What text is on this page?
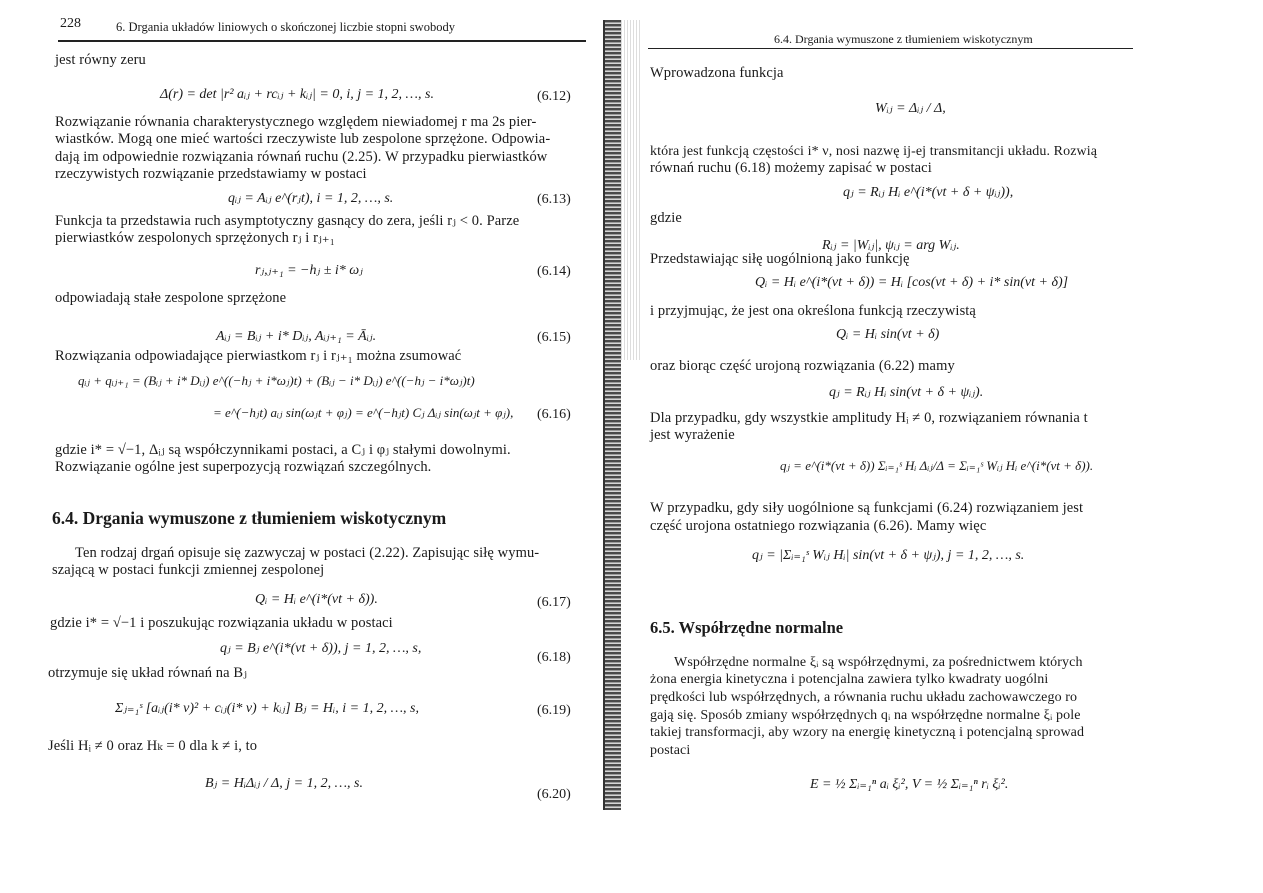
228	6. Drgania układów liniowych o skończonej liczbie stopni swobody
jest równy zeru
Δ(r) = det |r² aᵢⱼ + rcᵢⱼ + kᵢⱼ| = 0, i, j = 1, 2, …, s.	(6.12)
Rozwiązanie równania charakterystycznego względem niewiadomej r ma 2s pier-
wiastków. Mogą one mieć wartości rzeczywiste lub zespolone sprzężone. Odpowia-
dają im odpowiednie rozwiązania równań ruchu (2.25). W przypadku pierwiastków
rzeczywistych rozwiązanie przedstawiamy w postaci
qᵢⱼ = Aᵢⱼ e^(rⱼt), i = 1, 2, …, s.	(6.13)
Funkcja ta przedstawia ruch asymptotyczny gasnący do zera, jeśli rⱼ < 0. Parze
pierwiastków zespolonych sprzężonych rⱼ i rⱼ₊₁
rⱼ,ⱼ₊₁ = −hⱼ ± i* ωⱼ	(6.14)
odpowiadają stałe zespolone sprzężone
Aᵢⱼ = Bᵢⱼ + i* Dᵢⱼ, Aᵢⱼ₊₁ = Āᵢⱼ.	(6.15)
Rozwiązania odpowiadające pierwiastkom rⱼ i rⱼ₊₁ można zsumować
qᵢⱼ + qᵢⱼ₊₁ = (Bᵢⱼ + i* Dᵢⱼ) e^((−hⱼ + i*ωⱼ)t) + (Bᵢⱼ − i* Dᵢⱼ) e^((−hⱼ − i*ωⱼ)t)
= e^(−hⱼt) aᵢⱼ sin(ωⱼt + φⱼ) = e^(−hⱼt) Cⱼ Δᵢⱼ sin(ωⱼt + φⱼ), (6.16)
gdzie i* = √−1, Δᵢⱼ są współczynnikami postaci, a Cⱼ i φⱼ stałymi dowolnymi.
Rozwiązanie ogólne jest superpozycją rozwiązań szczególnych.
6.4. Drgania wymuszone z tłumieniem wiskotycznym
Ten rodzaj drgań opisuje się zazwyczaj w postaci (2.22). Zapisując siłę wymu-
szającą w postaci funkcji zmiennej zespolonej
Qᵢ = Hᵢ e^(i*(νt + δ)).	(6.17)
gdzie i* = √−1 i poszukując rozwiązania układu w postaci
qⱼ = Bⱼ e^(i*(νt + δ)), j = 1, 2, …, s,
(6.18)
otrzymuje się układ równań na Bⱼ
Σⱼ₌₁ˢ [aᵢⱼ(i* ν)² + cᵢⱼ(i* ν) + kᵢⱼ] Bⱼ = Hᵢ, i = 1, 2, …, s,	(6.19)
Jeśli Hᵢ ≠ 0 oraz Hₖ = 0 dla k ≠ i, to
Bⱼ = HᵢΔᵢⱼ / Δ, j = 1, 2, …, s.
(6.20)
6.4. Drgania wymuszone z tłumieniem wiskotycznym
Wprowadzona funkcja
Wᵢⱼ = Δᵢⱼ / Δ,
która jest funkcją częstości i* ν, nosi nazwę ij-ej transmitancji układu. Rozwią
równań ruchu (6.18) możemy zapisać w postaci
qⱼ = Rᵢⱼ Hᵢ e^(i*(νt + δ + ψᵢⱼ)),
gdzie
Rᵢⱼ = |Wᵢⱼ|, ψᵢⱼ = arg Wᵢⱼ.
Przedstawiając siłę uogólnioną jako funkcję
Qᵢ = Hᵢ e^(i*(νt + δ)) = Hᵢ [cos(νt + δ) + i* sin(νt + δ)]
i przyjmując, że jest ona określona funkcją rzeczywistą
Qᵢ = Hᵢ sin(νt + δ)
oraz biorąc część urojoną rozwiązania (6.22) mamy
qⱼ = Rᵢⱼ Hᵢ sin(νt + δ + ψᵢⱼ).
Dla przypadku, gdy wszystkie amplitudy Hᵢ ≠ 0, rozwiązaniem równania t
jest wyrażenie
qⱼ = e^(i*(νt + δ)) Σᵢ₌₁ˢ Hᵢ Δᵢⱼ/Δ = Σᵢ₌₁ˢ Wᵢⱼ Hᵢ e^(i*(νt + δ)).
W przypadku, gdy siły uogólnione są funkcjami (6.24) rozwiązaniem jest
część urojona ostatniego rozwiązania (6.26). Mamy więc
qⱼ = |Σᵢ₌₁ˢ Wᵢⱼ Hᵢ| sin(νt + δ + ψⱼ), j = 1, 2, …, s.
6.5. Współrzędne normalne
Współrzędne normalne ξᵢ są współrzędnymi, za pośrednictwem których
żona energia kinetyczna i potencjalna zawiera tylko kwadraty uogólni
prędkości lub współrzędnych, a równania ruchu układu zachowawczego ro
gają się. Sposób zmiany współrzędnych qᵢ na współrzędne normalne ξᵢ pole
takiej transformacji, aby wzory na energię kinetyczną i potencjalną sprowad
postaci
E = ½ Σᵢ₌₁ⁿ aᵢ ξᵢ², V = ½ Σᵢ₌₁ⁿ rᵢ ξᵢ².
